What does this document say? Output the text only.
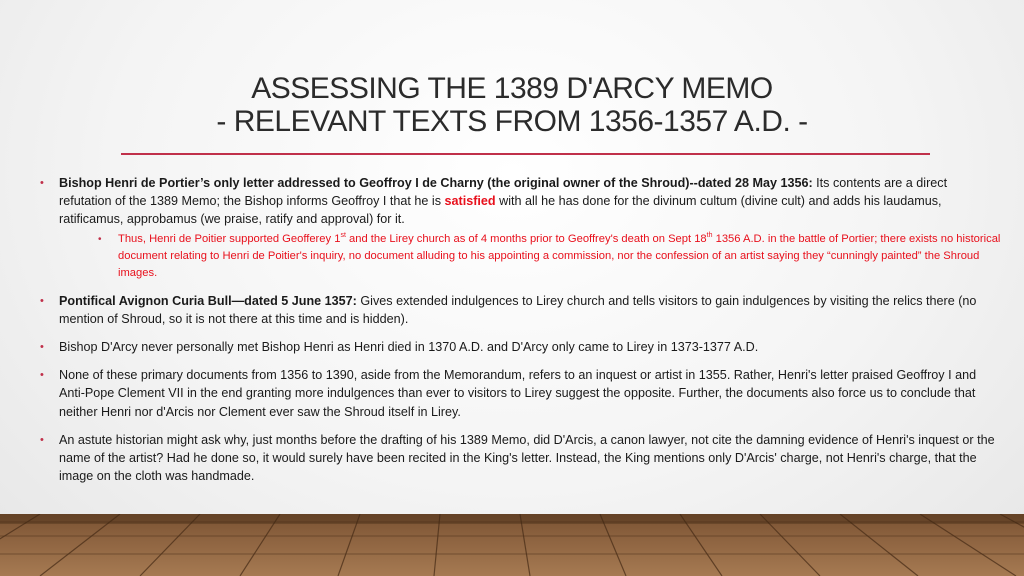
ASSESSING THE 1389 D'ARCY MEMO
- RELEVANT TEXTS FROM 1356-1357 A.D. -
• Bishop Henri de Portier’s only letter addressed to Geoffroy I de Charny (the original owner of the Shroud)--dated 28 May 1356: Its contents are a direct refutation of the 1389 Memo; the Bishop informs Geoffroy I that he is satisfied with all he has done for the divinum cultum (divine cult) and adds his laudamus, ratificamus, approbamus (we praise, ratify and approval) for it.
• Thus, Henri de Poitier supported Geofferey 1st and the Lirey church as of 4 months prior to Geoffrey's death on Sept 18th 1356 A.D. in the battle of Portier; there exists no historical document relating to Henri de Poitier's inquiry, no document alluding to his appointing a commission, nor the confession of an artist saying they “cunningly painted” the Shroud images.
• Pontifical Avignon Curia Bull—dated 5 June 1357: Gives extended indulgences to Lirey church and tells visitors to gain indulgences by visiting the relics there (no mention of Shroud, so it is not there at this time and is hidden).
• Bishop D'Arcy never personally met Bishop Henri as Henri died in 1370 A.D. and D'Arcy only came to Lirey in 1373-1377 A.D.
• None of these primary documents from 1356 to 1390, aside from the Memorandum, refers to an inquest or artist in 1355. Rather, Henri's letter praised Geoffroy I and Anti-Pope Clement VII in the end granting more indulgences than ever to visitors to Lirey suggest the opposite. Further, the documents also force us to conclude that neither Henri nor d'Arcis nor Clement ever saw the Shroud itself in Lirey.
• An astute historian might ask why, just months before the drafting of his 1389 Memo, did D'Arcis, a canon lawyer, not cite the damning evidence of Henri's inquest or the name of the artist? Had he done so, it would surely have been recited in the King's letter. Instead, the King mentions only D'Arcis' charge, not Henri's charge, that the image on the cloth was handmade.
